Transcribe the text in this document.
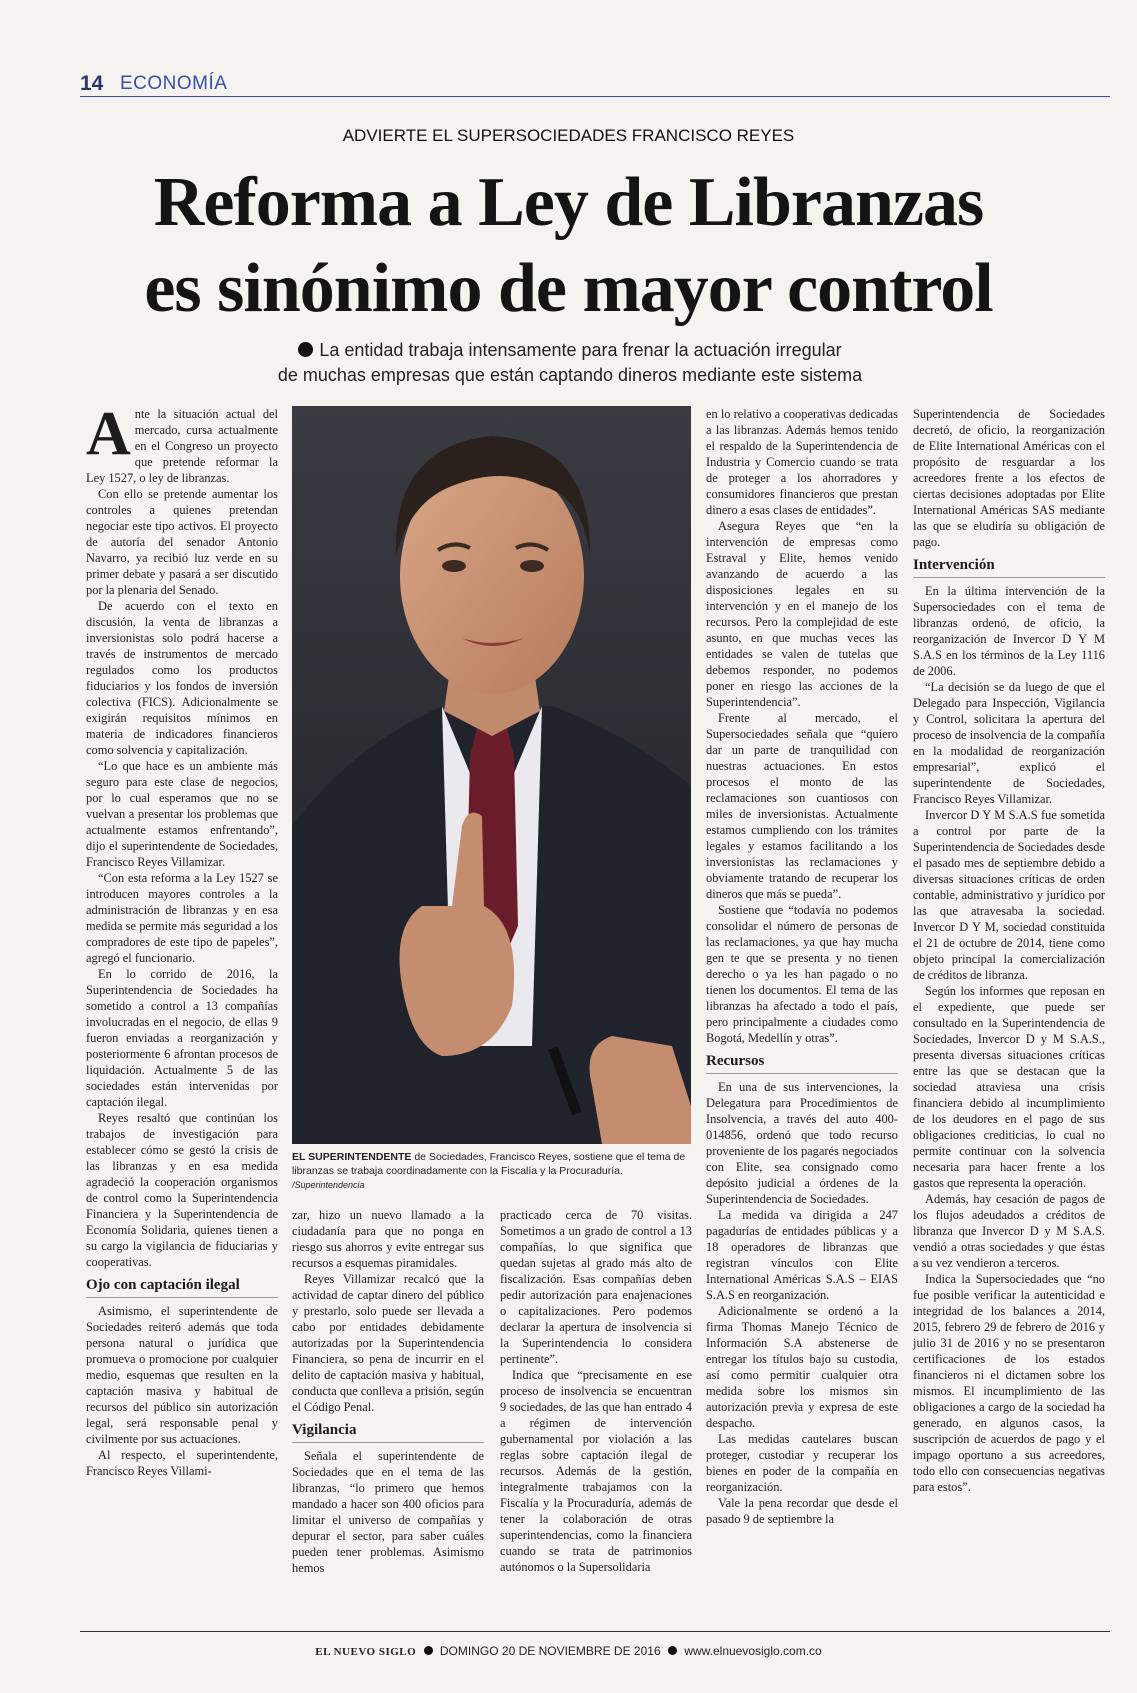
14 ECONOMÍA
ADVIERTE EL SUPERSOCIEDADES FRANCISCO REYES
Reforma a Ley de Libranzas
es sinónimo de mayor control
La entidad trabaja intensamente para frenar la actuación irregular
de muchas empresas que están captando dineros mediante este sistema

Ante la situación actual del mercado, cursa actualmente en el Congreso un proyecto que pretende reformar la Ley 1527, o ley de libranzas.

Con ello se pretende aumentar los controles a quienes pretendan negociar este tipo activos. El proyecto de autoría del senador Antonio Navarro, ya recibió luz verde en su primer debate y pasará a ser discutido por la plenaria del Senado.

De acuerdo con el texto en discusión, la venta de libranzas a inversionistas solo podrá hacerse a través de instrumentos de mercado regulados como los productos fiduciarios y los fondos de inversión colectiva (FICS). Adicionalmente se exigirán requisitos mínimos en materia de indicadores financieros como solvencia y capitalización.

“Lo que hace es un ambiente más seguro para este clase de negocios, por lo cual esperamos que no se vuelvan a presentar los problemas que actualmente estamos enfrentando”, dijo el superintendente de Sociedades, Francisco Reyes Villamizar.

“Con esta reforma a la Ley 1527 se introducen mayores controles a la administración de libranzas y en esa medida se permite más seguridad a los compradores de este tipo de papeles”, agregó el funcionario.

En lo corrido de 2016, la Superintendencia de Sociedades ha sometido a control a 13 compañías involucradas en el negocio, de ellas 9 fueron enviadas a reorganización y posteriormente 6 afrontan procesos de liquidación. Actualmente 5 de las sociedades están intervenidas por captación ilegal.

Reyes resaltó que continúan los trabajos de investigación para establecer cómo se gestó la crisis de las libranzas y en esa medida agradeció la cooperación organismos de control como la Superintendencia Financiera y la Superintendencia de Economía Solidaria, quienes tienen a su cargo la vigilancia de fiduciarias y cooperativas.

Ojo con captación ilegal

Asimismo, el superintendente de Sociedades reiteró además que toda persona natural o jurídica que promueva o promocione por cualquier medio, esquemas que resulten en la captación masiva y habitual de recursos del público sin autorización legal, será responsable penal y civilmente por sus actuaciones.

Al respecto, el superintendente, Francisco Reyes Villami-

EL SUPERINTENDENTE de Sociedades, Francisco Reyes, sostiene que el tema de libranzas se trabaja coordinadamente con la Fiscalía y la Procuraduría.
/Superintendencia

zar, hizo un nuevo llamado a la ciudadanía para que no ponga en riesgo sus ahorros y evite entregar sus recursos a esquemas piramidales.

Reyes Villamizar recalcó que la actividad de captar dinero del público y prestarlo, solo puede ser llevada a cabo por entidades debidamente autorizadas por la Superintendencia Financiera, so pena de incurrir en el delito de captación masiva y habitual, conducta que conlleva a prisión, según el Código Penal.

Vigilancia

Señala el superintendente de Sociedades que en el tema de las libranzas, “lo primero que hemos mandado a hacer son 400 oficios para limitar el universo de compañías y depurar el sector, para saber cuáles pueden tener problemas. Asimismo hemos

practicado cerca de 70 visitas. Sometimos a un grado de control a 13 compañías, lo que significa que quedan sujetas al grado más alto de fiscalización. Esas compañías deben pedir autorización para enajenaciones o capitalizaciones. Pero podemos declarar la apertura de insolvencia si la Superintendencia lo considera pertinente”.

Indica que “precisamente en ese proceso de insolvencia se encuentran 9 sociedades, de las que han entrado 4 a régimen de intervención gubernamental por violación a las reglas sobre captación ilegal de recursos. Además de la gestión, integralmente trabajamos con la Fiscalía y la Procuraduría, además de tener la colaboración de otras superintendencias, como la financiera cuando se trata de patrimonios autónomos o la Supersolidaria

en lo relativo a cooperativas dedicadas a las libranzas. Además hemos tenido el respaldo de la Superintendencia de Industria y Comercio cuando se trata de proteger a los ahorradores y consumidores financieros que prestan dinero a esas clases de entidades”.

Asegura Reyes que “en la intervención de empresas como Estraval y Elite, hemos venido avanzando de acuerdo a las disposiciones legales en su intervención y en el manejo de los recursos. Pero la complejidad de este asunto, en que muchas veces las entidades se valen de tutelas que debemos responder, no podemos poner en riesgo las acciones de la Superintendencia”.

Frente al mercado, el Supersociedades señala que “quiero dar un parte de tranquilidad con nuestras actuaciones. En estos procesos el monto de las reclamaciones son cuantiosos con miles de inversionistas. Actualmente estamos cumpliendo con los trámites legales y estamos facilitando a los inversionistas las reclamaciones y obviamente tratando de recuperar los dineros que más se pueda”.

Sostiene que “todavía no podemos consolidar el número de personas de las reclamaciones, ya que hay mucha gen te que se presenta y no tienen derecho o ya les han pagado o no tienen los documentos. El tema de las libranzas ha afectado a todo el país, pero principalmente a ciudades como Bogotá, Medellín y otras”.

Recursos

En una de sus intervenciones, la Delegatura para Procedimientos de Insolvencia, a través del auto 400-014856, ordenó que todo recurso proveniente de los pagarés negociados con Elite, sea consignado como depósito judicial a órdenes de la Superintendencia de Sociedades.

La medida va dirigida a 247 pagadurías de entidades públicas y a 18 operadores de libranzas que registran vínculos con Elite International Américas S.A.S – EIAS S.A.S en reorganización.

Adicionalmente se ordenó a la firma Thomas Manejo Técnico de Información S.A abstenerse de entregar los títulos bajo su custodia, así como permitir cualquier otra medida sobre los mismos sin autorización previa y expresa de este despacho.

Las medidas cautelares buscan proteger, custodiar y recuperar los bienes en poder de la compañía en reorganización.

Vale la pena recordar que desde el pasado 9 de septiembre la

Superintendencia de Sociedades decretó, de oficio, la reorganización de Elite International Américas con el propósito de resguardar a los acreedores frente a los efectos de ciertas decisiones adoptadas por Elite International Américas SAS mediante las que se eludiría su obligación de pago.

Intervención

En la última intervención de la Supersociedades con el tema de libranzas ordenó, de oficio, la reorganización de Invercor D Y M S.A.S en los términos de la Ley 1116 de 2006.

“La decisión se da luego de que el Delegado para Inspección, Vigilancia y Control, solicitara la apertura del proceso de insolvencia de la compañía en la modalidad de reorganización empresarial”, explicó el superintendente de Sociedades, Francisco Reyes Villamizar.

Invercor D Y M S.A.S fue sometida a control por parte de la Superintendencia de Sociedades desde el pasado mes de septiembre debido a diversas situaciones críticas de orden contable, administrativo y jurídico por las que atravesaba la sociedad. Invercor D Y M, sociedad constituida el 21 de octubre de 2014, tiene como objeto principal la comercialización de créditos de libranza.

Según los informes que reposan en el expediente, que puede ser consultado en la Superintendencia de Sociedades, Invercor D y M S.A.S., presenta diversas situaciones críticas entre las que se destacan que la sociedad atraviesa una crisis financiera debido al incumplimiento de los deudores en el pago de sus obligaciones crediticias, lo cual no permite continuar con la solvencia necesaria para hacer frente a los gastos que representa la operación.

Además, hay cesación de pagos de los flujos adeudados a créditos de libranza que Invercor D y M S.A.S. vendió a otras sociedades y que éstas a su vez vendieron a terceros.

Indica la Supersociedades que “no fue posible verificar la autenticidad e integridad de los balances a 2014, 2015, febrero 29 de febrero de 2016 y julio 31 de 2016 y no se presentaron certificaciones de los estados financieros ni el dictamen sobre los mismos. El incumplimiento de las obligaciones a cargo de la sociedad ha generado, en algunos casos, la suscripción de acuerdos de pago y el impago oportuno a sus acreedores, todo ello con consecuencias negativas para estos”.

EL NUEVO SIGLO DOMINGO 20 DE NOVIEMBRE DE 2016 www.elnuevosiglo.com.co
